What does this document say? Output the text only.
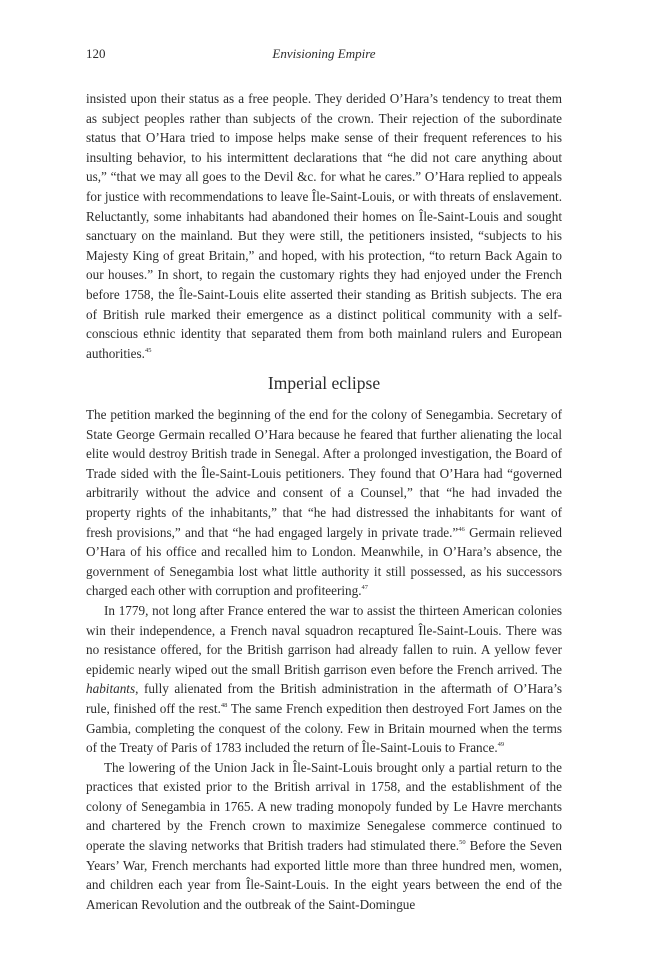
120	Envisioning Empire

insisted upon their status as a free people. They derided O’Hara’s tendency to treat them as subject peoples rather than subjects of the crown. Their rejection of the subordinate status that O’Hara tried to impose helps make sense of their frequent references to his insulting behavior, to his intermittent declarations that “he did not care anything about us,” “that we may all goes to the Devil &c. for what he cares.” O’Hara replied to appeals for justice with recommendations to leave Île-Saint-Louis, or with threats of enslavement. Reluctantly, some inhabitants had abandoned their homes on Île-Saint-Louis and sought sanctuary on the mainland. But they were still, the petitioners insisted, “subjects to his Majesty King of great Britain,” and hoped, with his protection, “to return Back Again to our houses.” In short, to regain the customary rights they had enjoyed under the French before 1758, the Île-Saint-Louis elite asserted their standing as British subjects. The era of British rule marked their emergence as a distinct political community with a self-conscious ethnic identity that separated them from both mainland rulers and European authorities.$^{45}$

Imperial eclipse

The petition marked the beginning of the end for the colony of Senegambia. Secretary of State George Germain recalled O’Hara because he feared that further alienating the local elite would destroy British trade in Senegal. After a prolonged investigation, the Board of Trade sided with the Île-Saint-Louis petitioners. They found that O’Hara had “governed arbitrarily without the advice and consent of a Counsel,” that “he had invaded the property rights of the inhabitants,” that “he had distressed the inhabitants for want of fresh provisions,” and that “he had engaged largely in private trade.”$^{46}$ Germain relieved O’Hara of his office and recalled him to London. Meanwhile, in O’Hara’s absence, the government of Senegambia lost what little authority it still possessed, as his successors charged each other with corruption and profiteering.$^{47}$

In 1779, not long after France entered the war to assist the thirteen American colonies win their independence, a French naval squadron recaptured Île-Saint-Louis. There was no resistance offered, for the British garrison had already fallen to ruin. A yellow fever epidemic nearly wiped out the small British garrison even before the French arrived. The habitants, fully alienated from the British administration in the aftermath of O’Hara’s rule, finished off the rest.$^{48}$ The same French expedition then destroyed Fort James on the Gambia, completing the conquest of the colony. Few in Britain mourned when the terms of the Treaty of Paris of 1783 included the return of Île-Saint-Louis to France.$^{49}$

The lowering of the Union Jack in Île-Saint-Louis brought only a partial return to the practices that existed prior to the British arrival in 1758, and the establishment of the colony of Senegambia in 1765. A new trading monopoly funded by Le Havre merchants and chartered by the French crown to maximize Senegalese commerce continued to operate the slaving networks that British traders had stimulated there.$^{50}$ Before the Seven Years’ War, French merchants had exported little more than three hundred men, women, and children each year from Île-Saint-Louis. In the eight years between the end of the American Revolution and the outbreak of the Saint-Domingue
